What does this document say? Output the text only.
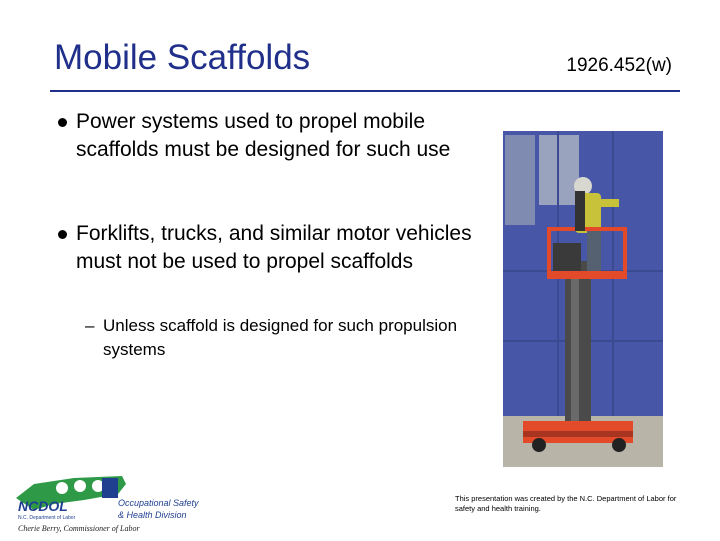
Mobile Scaffolds	1926.452(w)
Power systems used to propel mobile scaffolds must be designed for such use
Forklifts, trucks, and similar motor vehicles must not be used to propel scaffolds
– Unless scaffold is designed for such propulsion systems
This presentation was created by the N.C. Department of Labor for safety and health training.
NCDOL
N.C. Department of Labor
Occupational Safety
& Health Division
Cherie Berry, Commissioner of Labor
